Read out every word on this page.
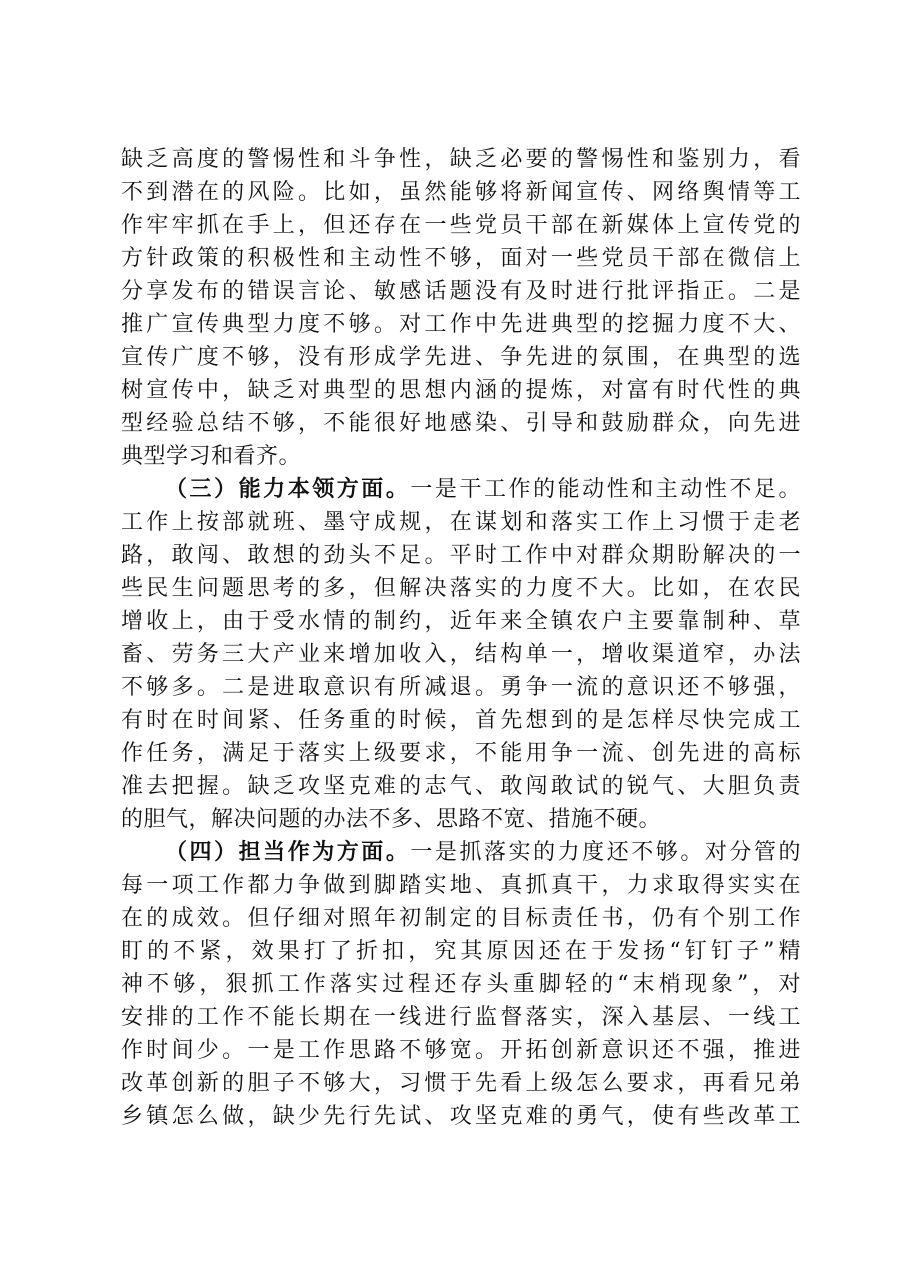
缺乏高度的警惕性和斗争性，缺乏必要的警惕性和鉴别力，看
不到潜在的风险。比如，虽然能够将新闻宣传、网络舆情等工
作牢牢抓在手上，但还存在一些党员干部在新媒体上宣传党的
方针政策的积极性和主动性不够，面对一些党员干部在微信上
分享发布的错误言论、敏感话题没有及时进行批评指正。二是
推广宣传典型力度不够。对工作中先进典型的挖掘力度不大、
宣传广度不够，没有形成学先进、争先进的氛围，在典型的选
树宣传中，缺乏对典型的思想内涵的提炼，对富有时代性的典
型经验总结不够，不能很好地感染、引导和鼓励群众，向先进
典型学习和看齐。
（三）能力本领方面。一是干工作的能动性和主动性不足。
工作上按部就班、墨守成规，在谋划和落实工作上习惯于走老
路，敢闯、敢想的劲头不足。平时工作中对群众期盼解决的一
些民生问题思考的多，但解决落实的力度不大。比如，在农民
增收上，由于受水情的制约，近年来全镇农户主要靠制种、草
畜、劳务三大产业来增加收入，结构单一，增收渠道窄，办法
不够多。二是进取意识有所减退。勇争一流的意识还不够强，
有时在时间紧、任务重的时候，首先想到的是怎样尽快完成工
作任务，满足于落实上级要求，不能用争一流、创先进的高标
准去把握。缺乏攻坚克难的志气、敢闯敢试的锐气、大胆负责
的胆气，解决问题的办法不多、思路不宽、措施不硬。
（四）担当作为方面。一是抓落实的力度还不够。对分管的
每一项工作都力争做到脚踏实地、真抓真干，力求取得实实在
在的成效。但仔细对照年初制定的目标责任书，仍有个别工作
盯的不紧，效果打了折扣，究其原因还在于发扬“钉钉子”精
神不够，狠抓工作落实过程还存头重脚轻的“末梢现象”，对
安排的工作不能长期在一线进行监督落实，深入基层、一线工
作时间少。一是工作思路不够宽。开拓创新意识还不强，推进
改革创新的胆子不够大，习惯于先看上级怎么要求，再看兄弟
乡镇怎么做，缺少先行先试、攻坚克难的勇气，使有些改革工
